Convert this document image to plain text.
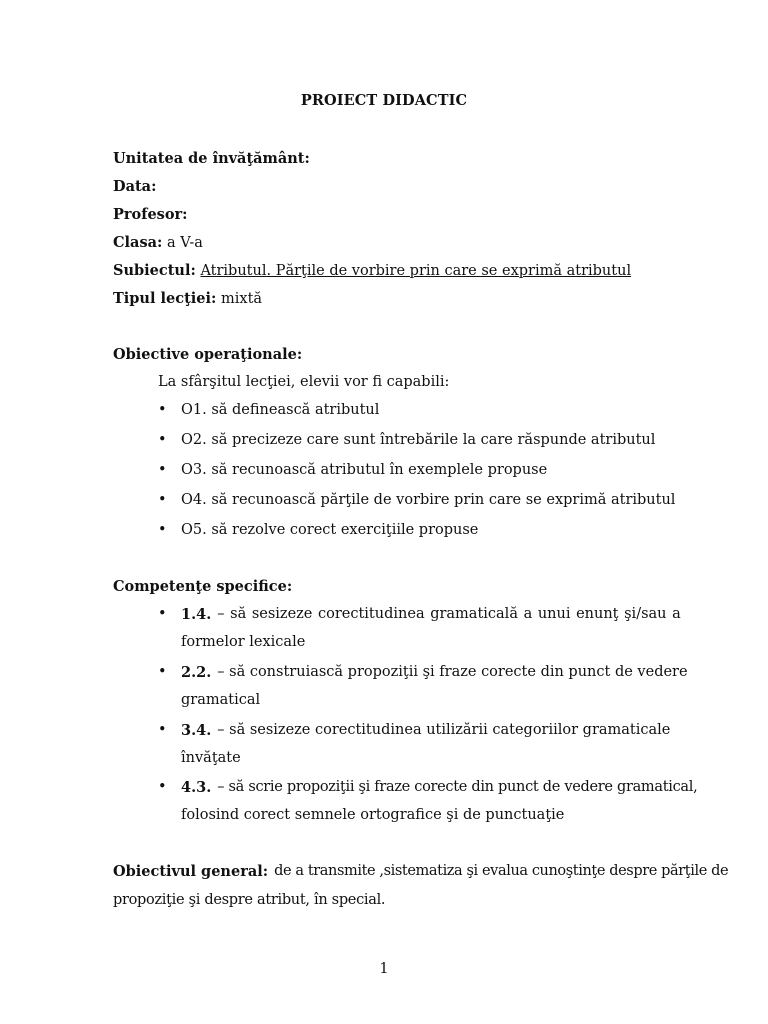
PROIECT DIDACTIC
Unitatea de învăţământ:
Data:
Profesor:
Clasa: a V-a
Subiectul: Atributul. Părţile de vorbire prin care se exprimă atributul
Tipul lecţiei: mixtă
Obiective operaţionale:
La sfârşitul lecţiei, elevii vor fi capabili:
• O1. să definească atributul
• O2. să precizeze care sunt întrebările la care răspunde atributul
• O3. să recunoască atributul în exemplele propuse
• O4. să recunoască părţile de vorbire prin care se exprimă atributul
• O5. să rezolve corect exerciţiile propuse
Competenţe specifice:
• 1.4. – să sesizeze corectitudinea gramaticală a unui enunţ şi/sau a
formelor lexicale
• 2.2. – să construiască propoziţii şi fraze corecte din punct de vedere
gramatical
• 3.4. – să sesizeze corectitudinea utilizării categoriilor gramaticale
învăţate
• 4.3. – să scrie propoziţii şi fraze corecte din punct de vedere gramatical,
folosind corect semnele ortografice şi de punctuaţie
Obiectivul general: de a transmite ,sistematiza şi evalua cunoştinţe despre părţile de
propoziţie şi despre atribut, în special.
1
